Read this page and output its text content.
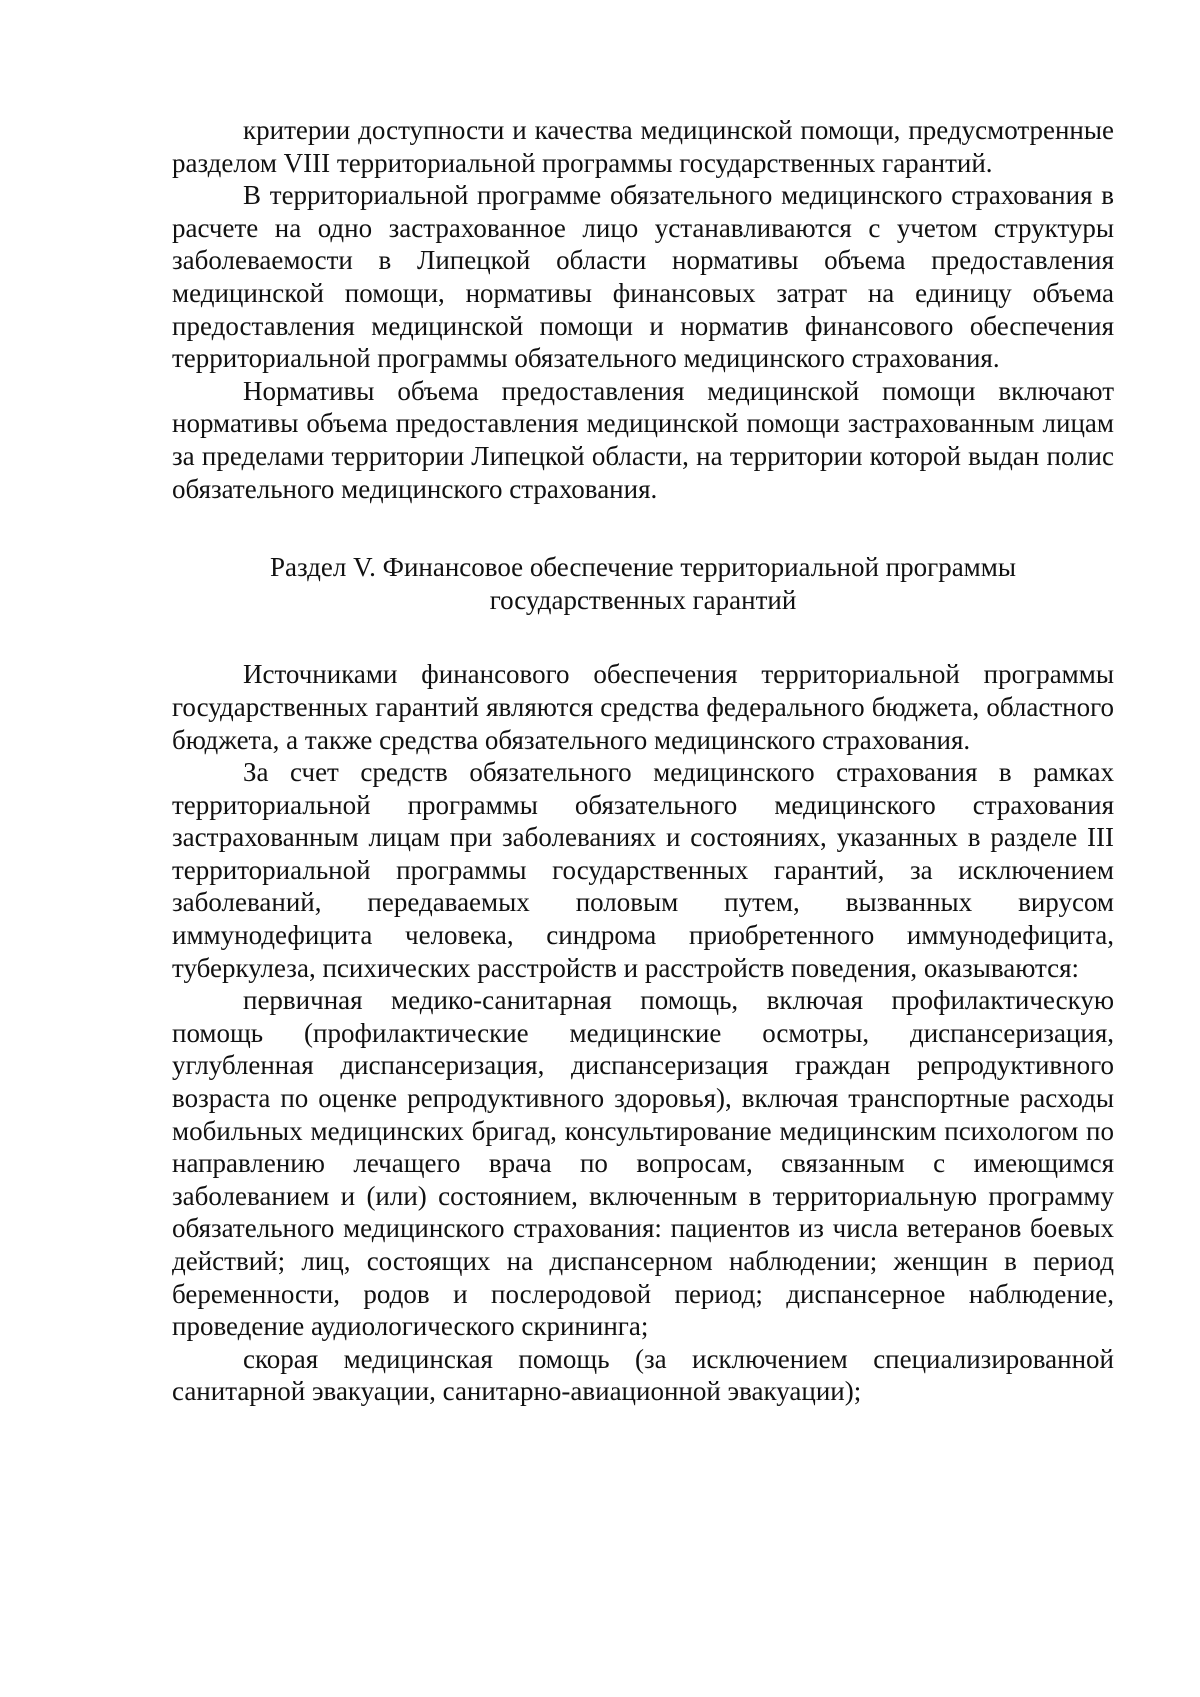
критерии доступности и качества медицинской помощи, предусмотренные разделом VIII территориальной программы государственных гарантий.

В территориальной программе обязательного медицинского страхования в расчете на одно застрахованное лицо устанавливаются с учетом структуры заболеваемости в Липецкой области нормативы объема предоставления медицинской помощи, нормативы финансовых затрат на единицу объема предоставления медицинской помощи и норматив финансового обеспечения территориальной программы обязательного медицинского страхования.

Нормативы объема предоставления медицинской помощи включают нормативы объема предоставления медицинской помощи застрахованным лицам за пределами территории Липецкой области, на территории которой выдан полис обязательного медицинского страхования.

Раздел V. Финансовое обеспечение территориальной программы
государственных гарантий

Источниками финансового обеспечения территориальной программы государственных гарантий являются средства федерального бюджета, областного бюджета, а также средства обязательного медицинского страхования.

За счет средств обязательного медицинского страхования в рамках территориальной программы обязательного медицинского страхования застрахованным лицам при заболеваниях и состояниях, указанных в разделе III территориальной программы государственных гарантий, за исключением заболеваний, передаваемых половым путем, вызванных вирусом иммунодефицита человека, синдрома приобретенного иммунодефицита, туберкулеза, психических расстройств и расстройств поведения, оказываются:

первичная медико-санитарная помощь, включая профилактическую помощь (профилактические медицинские осмотры, диспансеризация, углубленная диспансеризация, диспансеризация граждан репродуктивного возраста по оценке репродуктивного здоровья), включая транспортные расходы мобильных медицинских бригад, консультирование медицинским психологом по направлению лечащего врача по вопросам, связанным с имеющимся заболеванием и (или) состоянием, включенным в территориальную программу обязательного медицинского страхования: пациентов из числа ветеранов боевых действий; лиц, состоящих на диспансерном наблюдении; женщин в период беременности, родов и послеродовой период; диспансерное наблюдение, проведение аудиологического скрининга;

скорая медицинская помощь (за исключением специализированной санитарной эвакуации, санитарно-авиационной эвакуации);
